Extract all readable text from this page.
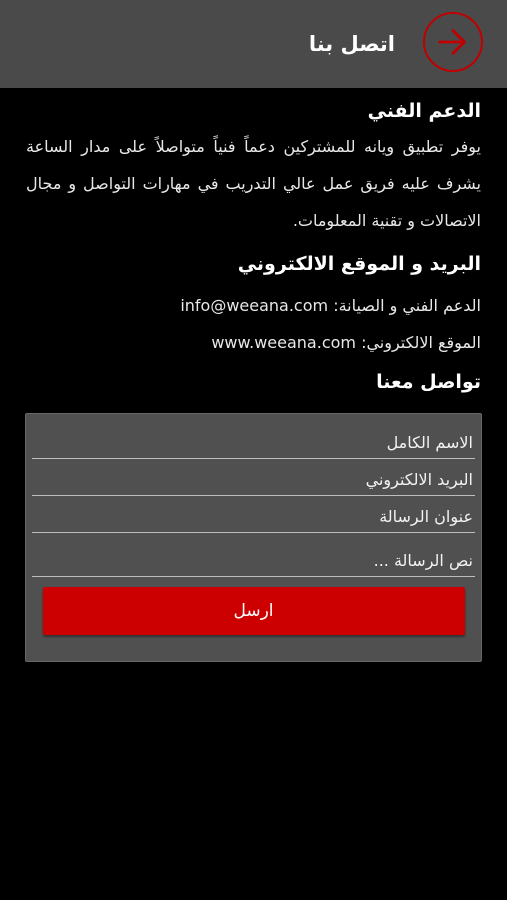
اتصل بنا
الدعم الفني

يوفر تطبيق ويانه للمشتركين دعماً فنياً متواصلاً على مدار الساعة يشرف عليه فريق عمل عالي التدريب في مهارات التواصل و مجال الاتصالات و تقنية المعلومات.

البريد و الموقع الالكتروني

الدعم الفني و الصيانة: info@weeana.com

الموقع الالكتروني: www.weeana.com

تواصل معنا
الاسم الكامل
البريد الالكتروني
عنوان الرسالة
نص الرسالة ...
ارسل
